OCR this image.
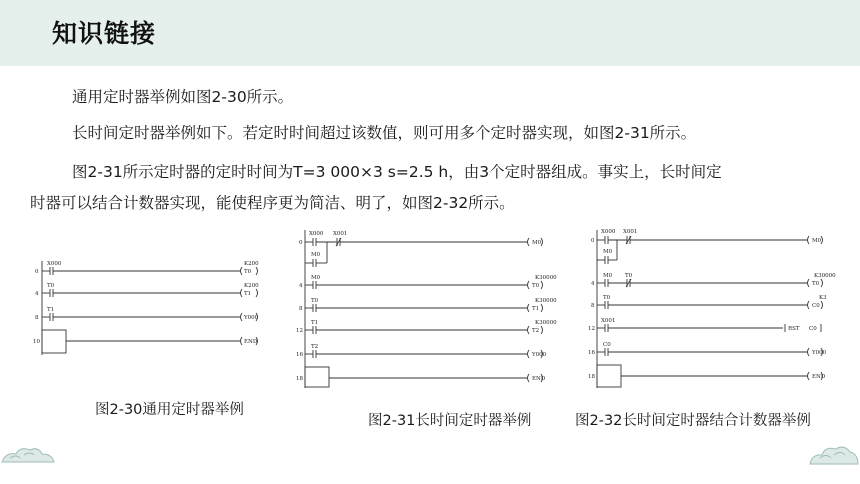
知识链接
通用定时器举例如图2-30所示。
长时间定时器举例如下。若定时时间超过该数值，则可用多个定时器实现，如图2-31所示。
图2-31所示定时器的定时时间为T=3 000×3 s=2.5 h，由3个定时器组成。事实上，长时间定
时器可以结合计数器实现，能使程序更为简洁、明了，如图2-32所示。
X000
T0
T1
0
4
8
10
K200
T0
K200
T1
Y000
END
X000 X001
M0
M0
T0
T1
T2
0
4
8
12
16
18
M0
K30000
T0
K30000
T1
K30000
T2
Y000
END
X000 X001
M0
M0 T0
T0
X001
C0
0
4
8
12
16
18
M0
K30000
T0
K3
C0
RST C0
Y000
END
图2-30通用定时器举例
图2-31长时间定时器举例	图2-32长时间定时器结合计数器举例
